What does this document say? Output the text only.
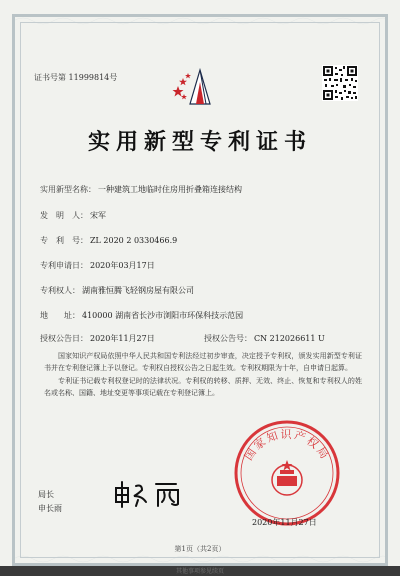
证书号第 11999814号
实用新型专利证书
实用新型名称： 一种建筑工地临时住房用折叠箱连接结构
发　明　人： 宋军
专　利　号： ZL 2020 2 0330466.9
专利申请日： 2020年03月17日
专利权人： 湖南雅恒腾飞轻钢房屋有限公司
地　　址： 410000 湖南省长沙市浏阳市环保科技示范园
授权公告日： 2020年11月27日	授权公告号： CN 212026611 U

国家知识产权局依照中华人民共和国专利法经过初步审查，决定授予专利权，颁发实用新型专利证书并在专利登记簿上予以登记。专利权自授权公告之日起生效。专利权期限为十年，自申请日起算。

专利证书记载专利权登记时的法律状况。专利权的转移、质押、无效、终止、恢复和专利权人的姓名或名称、国籍、地址变更等事项记载在专利登记簿上。

国家知识产权局
2020年11月27日
局长
申长雨
第1页（共2页）
其他事项参见续页
